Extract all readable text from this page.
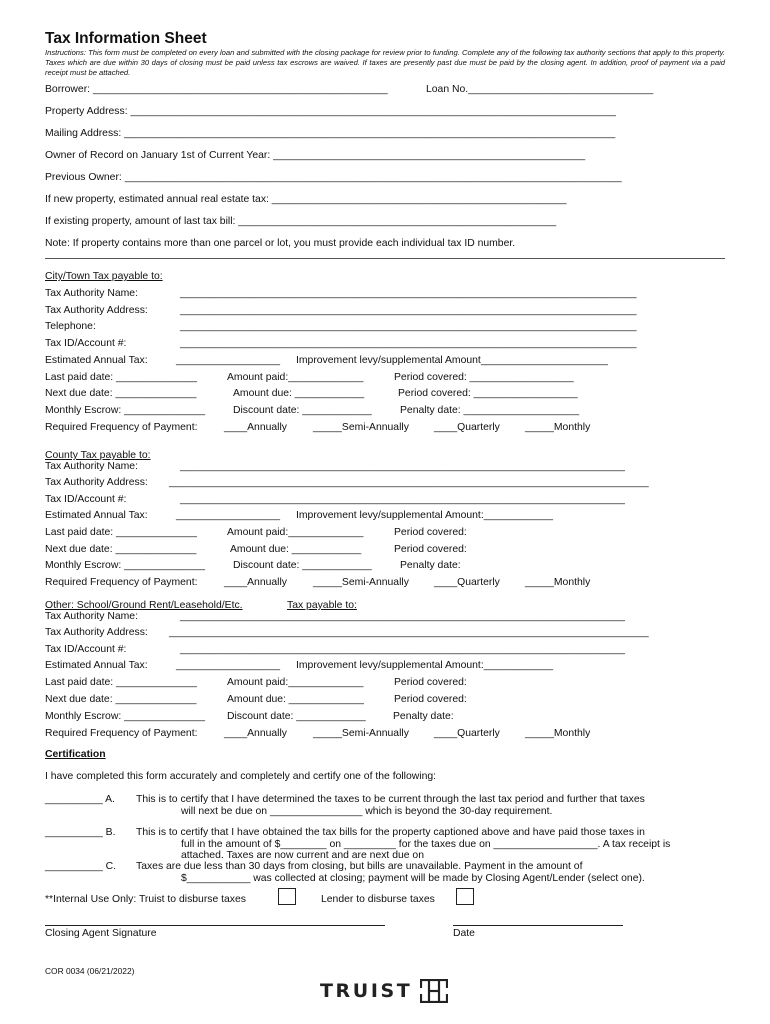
Tax Information Sheet
Instructions: This form must be completed on every loan and submitted with the closing package for review prior to funding. Complete any of the following tax authority sections that apply to this property. Taxes which are due within 30 days of closing must be paid unless tax escrows are waived. If taxes are presently past due must be paid by the closing agent. In addition, proof of payment via a paid receipt must be attached.
Borrower: ___________________________________________________	Loan No.________________________________
Property Address: ____________________________________________________________________________________
Mailing Address: _____________________________________________________________________________________
Owner of Record on January 1st of Current Year: ______________________________________________________
Previous Owner: ______________________________________________________________________________________
If new property, estimated annual real estate tax: ___________________________________________________
If existing property, amount of last tax bill: _______________________________________________________
Note: If property contains more than one parcel or lot, you must provide each individual tax ID number.
City/Town Tax payable to:
Tax Authority Name:	_______________________________________________________________________________
Tax Authority Address:	_______________________________________________________________________________
Telephone:	_______________________________________________________________________________
Tax ID/Account #:	_______________________________________________________________________________
Estimated Annual Tax:	__________________ Improvement levy/supplemental Amount______________________
Last paid date: ______________	Amount paid:_____________	Period covered: __________________
Next due date: ______________	Amount due: ____________	Period covered: __________________
Monthly Escrow: ______________	Discount date: ____________	Penalty date: ____________________
Required Frequency of Payment:	____Annually	_____Semi-Annually ____Quarterly _____Monthly
County Tax payable to:
Tax Authority Name:	_____________________________________________________________________________
Tax Authority Address: ___________________________________________________________________________________
Tax ID/Account #:	_____________________________________________________________________________
Estimated Annual Tax:	__________________ Improvement levy/supplemental Amount:____________
Last paid date: ______________	Amount paid:_____________	Period covered:
Next due date: ______________	Amount due: ____________	Period covered:
Monthly Escrow: ______________	Discount date: ____________	Penalty date:
Required Frequency of Payment:	____Annually	_____Semi-Annually ____Quarterly _____Monthly
Other: School/Ground Rent/Leasehold/Etc.	Tax payable to:
Tax Authority Name:	_____________________________________________________________________________
Tax Authority Address: ___________________________________________________________________________________
Tax ID/Account #:	_____________________________________________________________________________
Estimated Annual Tax:	__________________ Improvement levy/supplemental Amount:____________
Last paid date: ______________	Amount paid:_____________	Period covered:
Next due date: ______________	Amount due: _____________	Period covered:
Monthly Escrow: ______________ Discount date: ____________	Penalty date:
Required Frequency of Payment:	____Annually	_____Semi-Annually ____Quarterly _____Monthly
Certification
I have completed this form accurately and completely and certify one of the following:
__________ A. This is to certify that I have determined the taxes to be current through the last tax period and further that taxes
will next be due on ________________ which is beyond the 30-day requirement.
__________ B. This is to certify that I have obtained the tax bills for the property captioned above and have paid those taxes in
full in the amount of $________ on _________ for the taxes due on __________________. A tax receipt is
attached. Taxes are now current and are next due on
__________ C. Taxes are due less than 30 days from closing, but bills are unavailable. Payment in the amount of
$___________ was collected at closing; payment will be made by Closing Agent/Lender (select one).
**Internal Use Only: Truist to disburse taxes	Lender to disburse taxes
Closing Agent Signature	Date
COR 0034 (06/21/2022)
TRUIST
